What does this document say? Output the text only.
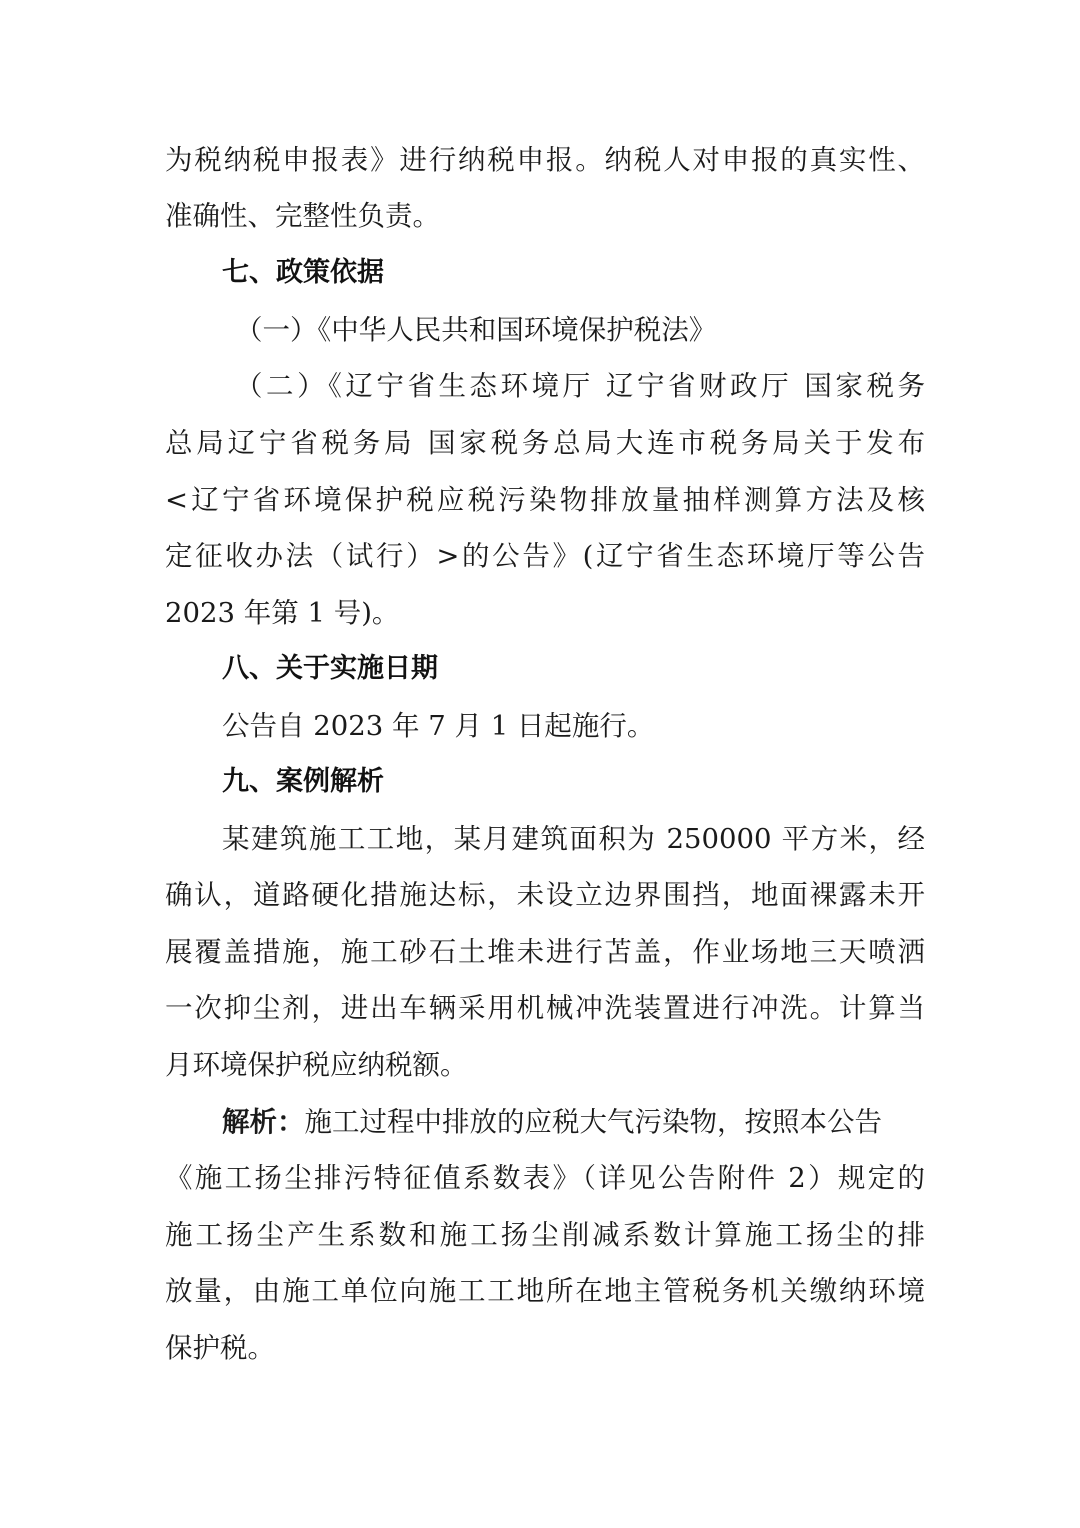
为税纳税申报表》进行纳税申报。纳税人对申报的真实性、
准确性、完整性负责。
七、政策依据
（一）《中华人民共和国环境保护税法》
（二）《辽宁省生态环境厅 辽宁省财政厅 国家税务
总局辽宁省税务局 国家税务总局大连市税务局关于发布
<辽宁省环境保护税应税污染物排放量抽样测算方法及核
定征收办法（试行）>的公告》(辽宁省生态环境厅等公告
2023 年第 1 号)。
八、关于实施日期
公告自 2023 年 7 月 1 日起施行。
九、案例解析
某建筑施工工地，某月建筑面积为 250000 平方米，经
确认，道路硬化措施达标，未设立边界围挡，地面裸露未开
展覆盖措施，施工砂石土堆未进行苫盖，作业场地三天喷洒
一次抑尘剂，进出车辆采用机械冲洗装置进行冲洗。计算当
月环境保护税应纳税额。
解析：施工过程中排放的应税大气污染物，按照本公告
《施工扬尘排污特征值系数表》（详见公告附件 2）规定的
施工扬尘产生系数和施工扬尘削减系数计算施工扬尘的排
放量，由施工单位向施工工地所在地主管税务机关缴纳环境
保护税。
